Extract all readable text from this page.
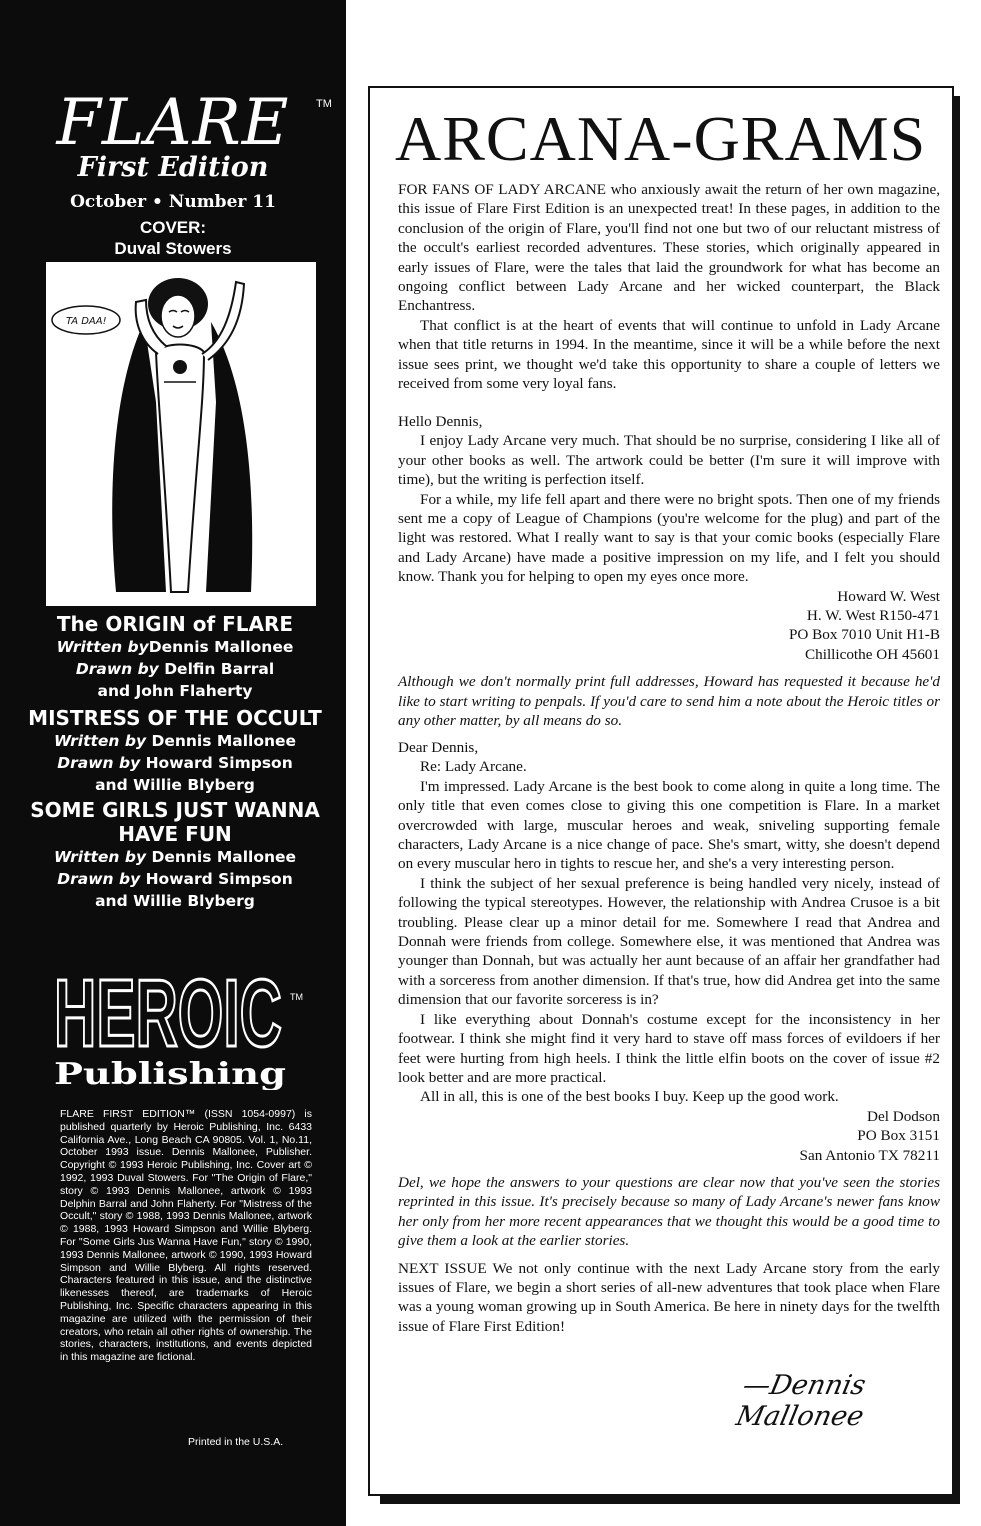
FLARE	TM
First Edition
October • Number 11
COVER:
Duval Stowers
TA DAA!
The ORIGIN of FLARE
Written byDennis Mallonee
Drawn by Delfin Barral
and John Flaherty
MISTRESS OF THE OCCULT
Written by Dennis Mallonee
Drawn by Howard Simpson
and Willie Blyberg
SOME GIRLS JUST WANNA HAVE FUN
Written by Dennis Mallonee
Drawn by Howard Simpson
and Willie Blyberg
HEROIC TM
Publishing
FLARE FIRST EDITION™ (ISSN 1054-0997) is published quarterly by Heroic Publishing, Inc. 6433 California Ave., Long Beach CA 90805. Vol. 1, No.11, October 1993 issue. Dennis Mallonee, Publisher. Copyright © 1993 Heroic Publishing, Inc. Cover art © 1992, 1993 Duval Stowers. For "The Origin of Flare," story © 1993 Dennis Mallonee, artwork © 1993 Delphin Barral and John Flaherty. For "Mistress of the Occult," story © 1988, 1993 Dennis Mallonee, artwork © 1988, 1993 Howard Simpson and Willie Blyberg. For "Some Girls Jus Wanna Have Fun," story © 1990, 1993 Dennis Mallonee, artwork © 1990, 1993 Howard Simpson and Willie Blyberg. All rights reserved. Characters featured in this issue, and the distinctive likenesses thereof, are trademarks of Heroic Publishing, Inc. Specific characters appearing in this magazine are utilized with the permission of their creators, who retain all other rights of ownership. The stories, characters, institutions, and events depicted in this magazine are fictional.
Printed in the U.S.A.
ARCANA-GRAMS

FOR FANS OF LADY ARCANE who anxiously await the return of her own magazine, this issue of Flare First Edition is an unexpected treat! In these pages, in addition to the conclusion of the origin of Flare, you'll find not one but two of our reluctant mistress of the occult's earliest recorded adventures. These stories, which originally appeared in early issues of Flare, were the tales that laid the groundwork for what has become an ongoing conflict between Lady Arcane and her wicked counterpart, the Black Enchantress.

That conflict is at the heart of events that will continue to unfold in Lady Arcane when that title returns in 1994. In the meantime, since it will be a while before the next issue sees print, we thought we'd take this opportunity to share a couple of letters we received from some very loyal fans.

Hello Dennis,

I enjoy Lady Arcane very much. That should be no surprise, considering I like all of your other books as well. The artwork could be better (I'm sure it will improve with time), but the writing is perfection itself.

For a while, my life fell apart and there were no bright spots. Then one of my friends sent me a copy of League of Champions (you're welcome for the plug) and part of the light was restored. What I really want to say is that your comic books (especially Flare and Lady Arcane) have made a positive impression on my life, and I felt you should know. Thank you for helping to open my eyes once more.

Howard W. West

H. W. West R150-471

PO Box 7010 Unit H1-B

Chillicothe OH 45601

Although we don't normally print full addresses, Howard has requested it because he'd like to start writing to penpals. If you'd care to send him a note about the Heroic titles or any other matter, by all means do so.

Dear Dennis,

Re: Lady Arcane.

I'm impressed. Lady Arcane is the best book to come along in quite a long time. The only title that even comes close to giving this one competition is Flare. In a market overcrowded with large, muscular heroes and weak, sniveling supporting female characters, Lady Arcane is a nice change of pace. She's smart, witty, she doesn't depend on every muscular hero in tights to rescue her, and she's a very interesting person.

I think the subject of her sexual preference is being handled very nicely, instead of following the typical stereotypes. However, the relationship with Andrea Crusoe is a bit troubling. Please clear up a minor detail for me. Somewhere I read that Andrea and Donnah were friends from college. Somewhere else, it was mentioned that Andrea was younger than Donnah, but was actually her aunt because of an affair her grandfather had with a sorceress from another dimension. If that's true, how did Andrea get into the same dimension that our favorite sorceress is in?

I like everything about Donnah's costume except for the inconsistency in her footwear. I think she might find it very hard to stave off mass forces of evildoers if her feet were hurting from high heels. I think the little elfin boots on the cover of issue #2 look better and are more practical.

All in all, this is one of the best books I buy. Keep up the good work.

Del Dodson

PO Box 3151

San Antonio TX 78211

Del, we hope the answers to your questions are clear now that you've seen the stories reprinted in this issue. It's precisely because so many of Lady Arcane's newer fans know her only from her more recent appearances that we thought this would be a good time to give them a look at the earlier stories.

NEXT ISSUE We not only continue with the next Lady Arcane story from the early issues of Flare, we begin a short series of all-new adventures that took place when Flare was a young woman growing up in South America. Be here in ninety days for the twelfth issue of Flare First Edition!

—Dennis Mallonee
